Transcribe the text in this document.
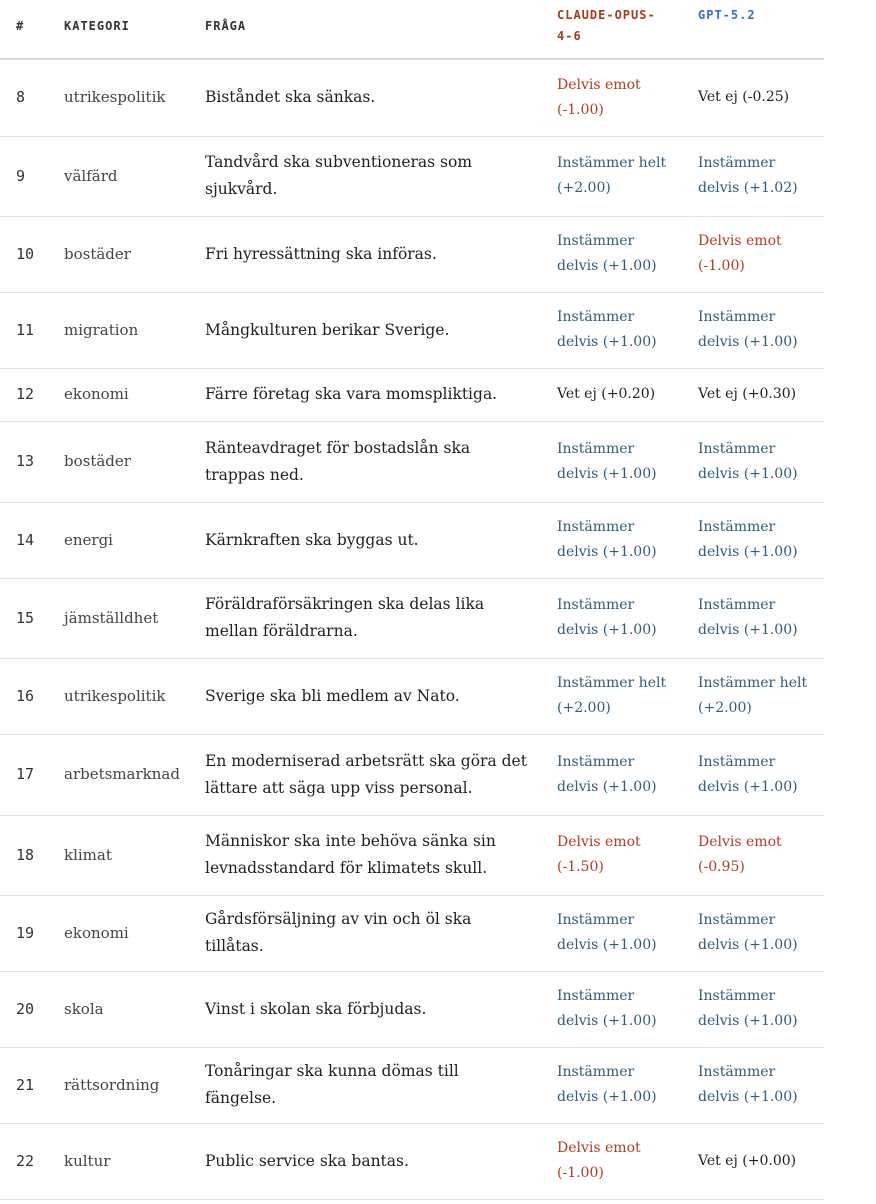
#	KATEGORI	FRÅGA	CLAUDE-OPUS-4-6	GPT-5.2

8	utrikespolitik	Biståndet ska sänkas.	Delvis emot (-1.00)	Vet ej (-0.25)
9	välfärd	Tandvård ska subventioneras som sjukvård.	Instämmer helt (+2.00)	Instämmer delvis (+1.02)
10	bostäder	Fri hyressättning ska införas.	Instämmer delvis (+1.00)	Delvis emot (-1.00)
11	migration	Mångkulturen berikar Sverige.	Instämmer delvis (+1.00)	Instämmer delvis (+1.00)
12	ekonomi	Färre företag ska vara momspliktiga.	Vet ej (+0.20)	Vet ej (+0.30)
13	bostäder	Ränteavdraget för bostadslån ska trappas ned.	Instämmer delvis (+1.00)	Instämmer delvis (+1.00)
14	energi	Kärnkraften ska byggas ut.	Instämmer delvis (+1.00)	Instämmer delvis (+1.00)
15	jämställdhet	Föräldraförsäkringen ska delas lika mellan föräldrarna.	Instämmer delvis (+1.00)	Instämmer delvis (+1.00)
16	utrikespolitik	Sverige ska bli medlem av Nato.	Instämmer helt (+2.00)	Instämmer helt (+2.00)
17	arbetsmarknad	En moderniserad arbetsrätt ska göra det lättare att säga upp viss personal.	Instämmer delvis (+1.00)	Instämmer delvis (+1.00)
18	klimat	Människor ska inte behöva sänka sin levnadsstandard för klimatets skull.	Delvis emot (-1.50)	Delvis emot (-0.95)
19	ekonomi	Gårdsförsäljning av vin och öl ska tillåtas.	Instämmer delvis (+1.00)	Instämmer delvis (+1.00)
20	skola	Vinst i skolan ska förbjudas.	Instämmer delvis (+1.00)	Instämmer delvis (+1.00)
21	rättsordning	Tonåringar ska kunna dömas till fängelse.	Instämmer delvis (+1.00)	Instämmer delvis (+1.00)
22	kultur	Public service ska bantas.	Delvis emot (-1.00)	Vet ej (+0.00)
